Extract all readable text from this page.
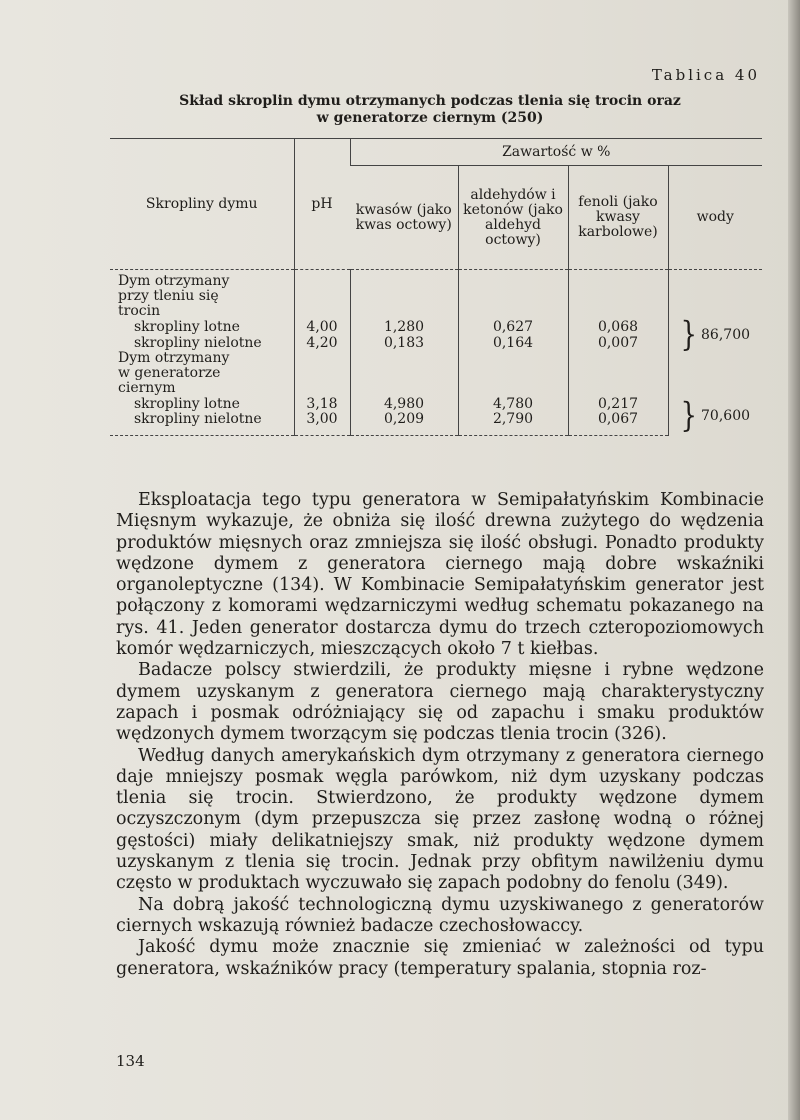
Tablica 40
Skład skroplin dymu otrzymanych podczas tlenia się trocin oraz
w generatorze ciernym (250)
Skropliny dymu	pH	Zawartość w %			
		kwasów (jako kwas octowy)	aldehydów i ketonów (jako aldehyd octowy)	fenoli (jako kwasy karbolowe)	wody

Dym otrzymany
przy tleniu się
trocin					

skropliny lotne	4,00	1,280	0,627	0,068	} 86,700
skropliny nielotne	4,20	0,183	0,164	0,007	

Dym otrzymany
w generatorze
ciernym					

skropliny lotne	3,18	4,980	4,780	0,217	} 70,600
skropliny nielotne	3,00	0,209	2,790	0,067	

Eksploatacja tego typu generatora w Semipałatyńskim Kombinacie Mięsnym wykazuje, że obniża się ilość drewna zużytego do wędzenia produktów mięsnych oraz zmniejsza się ilość obsługi. Ponadto produkty wędzone dymem z generatora ciernego mają dobre wskaźniki organoleptyczne (134). W Kombinacie Semipałatyńskim generator jest połączony z komorami wędzarniczymi według schematu pokazanego na rys. 41. Jeden generator dostarcza dymu do trzech czteropoziomowych komór wędzarniczych, mieszczących około 7 t kiełbas.

Badacze polscy stwierdzili, że produkty mięsne i rybne wędzone dymem uzyskanym z generatora ciernego mają charakterystyczny zapach i posmak odróżniający się od zapachu i smaku produktów wędzonych dymem tworzącym się podczas tlenia trocin (326).

Według danych amerykańskich dym otrzymany z generatora ciernego daje mniejszy posmak węgla parówkom, niż dym uzyskany podczas tlenia się trocin. Stwierdzono, że produkty wędzone dymem oczyszczonym (dym przepuszcza się przez zasłonę wodną o różnej gęstości) miały delikatniejszy smak, niż produkty wędzone dymem uzyskanym z tlenia się trocin. Jednak przy obfitym nawilżeniu dymu często w produktach wyczuwało się zapach podobny do fenolu (349).

Na dobrą jakość technologiczną dymu uzyskiwanego z generatorów ciernych wskazują również badacze czechosłowaccy.

Jakość dymu może znacznie się zmieniać w zależności od typu generatora, wskaźników pracy (temperatury spalania, stopnia roz-

134
